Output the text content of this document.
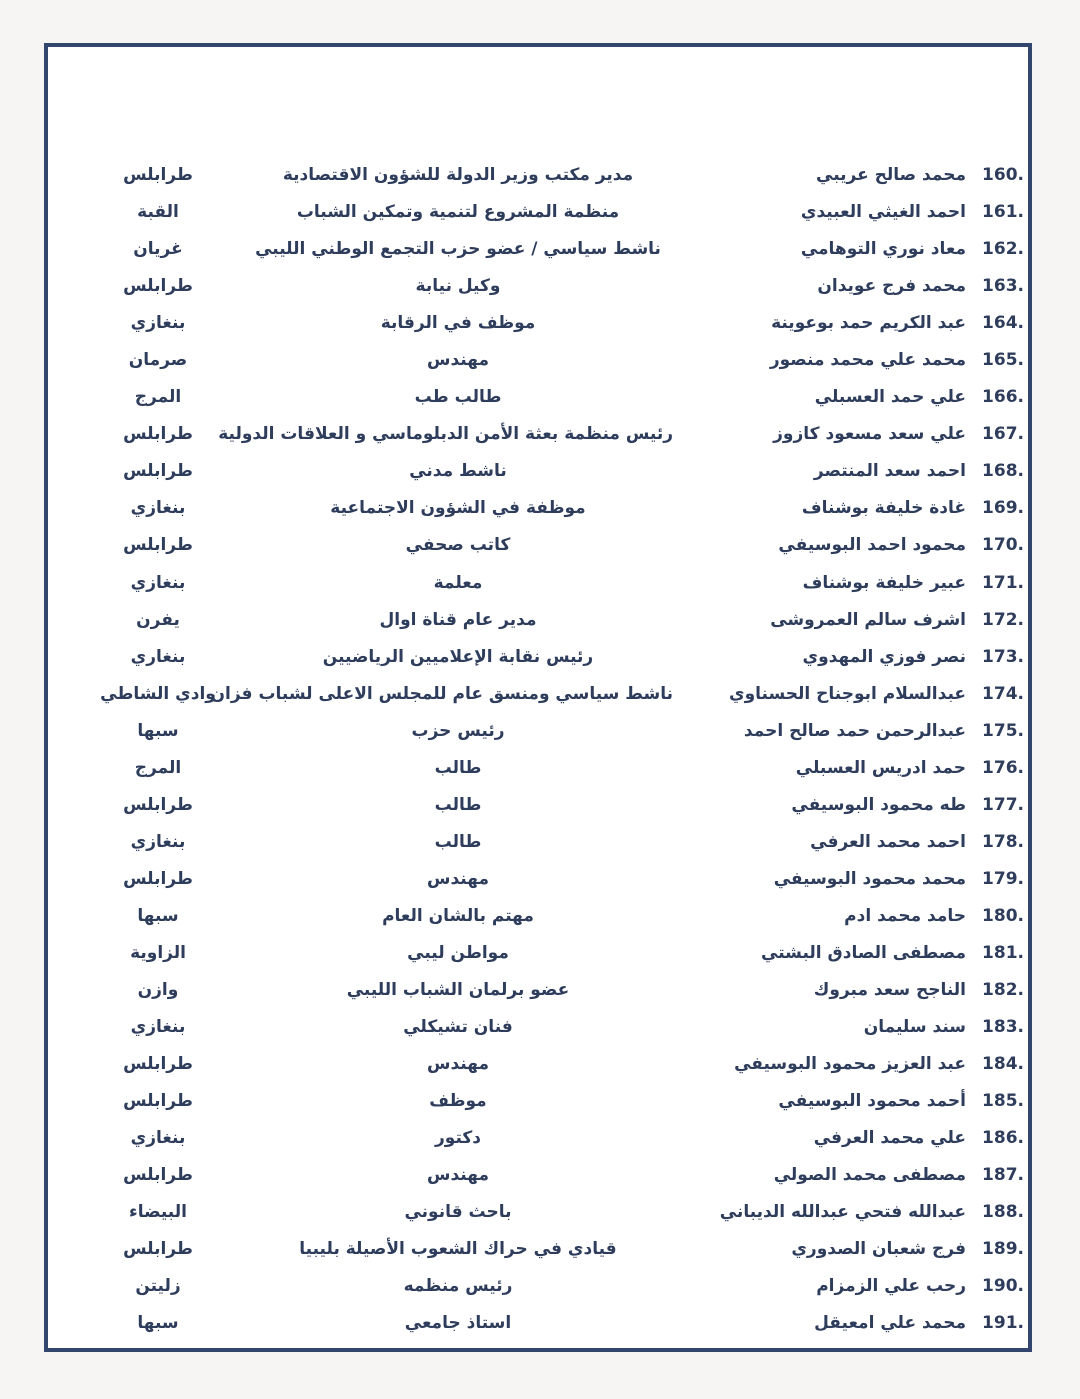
160.
محمد صالح عريبي
مدير مكتب وزير الدولة للشؤون الاقتصادية
طرابلس
161.
احمد الغيثي العبيدي
منظمة المشروع لتنمية وتمكين الشباب
القبة
162.
معاد نوري التوهامي
ناشط سياسي / عضو حزب التجمع الوطني الليبي
غريان
163.
محمد فرج عويدان
وكيل نيابة
طرابلس
164.
عبد الكريم حمد بوعوينة
موظف في الرقابة
بنغازي
165.
محمد علي محمد منصور
مهندس
صرمان
166.
علي حمد العسبلي
طالب طب
المرج
167.
علي سعد مسعود كازوز
رئيس منظمة بعثة الأمن الدبلوماسي و العلاقات الدولية
طرابلس
168.
احمد سعد المنتصر
ناشط مدني
طرابلس
169.
غادة خليفة بوشناف
موظفة في الشؤون الاجتماعية
بنغازي
170.
محمود احمد البوسيفي
كاتب صحفي
طرابلس
171.
عبير خليفة بوشناف
معلمة
بنغازي
172.
اشرف سالم العمروشى
مدير عام قناة اوال
يفرن
173.
نصر فوزي المهدوي
رئيس نقابة الإعلاميين الرياضيين
بنغاري
174.
عبدالسلام ابوجناح الحسناوي
ناشط سياسي ومنسق عام للمجلس الاعلى لشباب فزان
وادي الشاطي
175.
عبدالرحمن حمد صالح احمد
رئيس حزب
سبها
176.
حمد ادريس العسبلي
طالب
المرج
177.
طه محمود البوسيفي
طالب
طرابلس
178.
احمد محمد العرفي
طالب
بنغازي
179.
محمد محمود البوسيفي
مهندس
طرابلس
180.
حامد محمد ادم
مهتم بالشان العام
سبها
181.
مصطفى الصادق البشتي
مواطن ليبي
الزاوية
182.
الناجح سعد مبروك
عضو برلمان الشباب الليبي
وازن
183.
سند سليمان
فنان تشيكلي
بنغازي
184.
عبد العزيز محمود البوسيفي
مهندس
طرابلس
185.
أحمد محمود البوسيفي
موظف
طرابلس
186.
علي محمد العرفي
دكتور
بنغازي
187.
مصطفى محمد الصولي
مهندس
طرابلس
188.
عبدالله فتحي عبدالله الديباني
باحث قانوني
البيضاء
189.
فرج شعبان الصدوري
قيادي في حراك الشعوب الأصيلة بليبيا
طرابلس
190.
رحب علي الزمزام
رئيس منظمه
زليتن
191.
محمد علي امعيقل
استاذ جامعي
سبها
